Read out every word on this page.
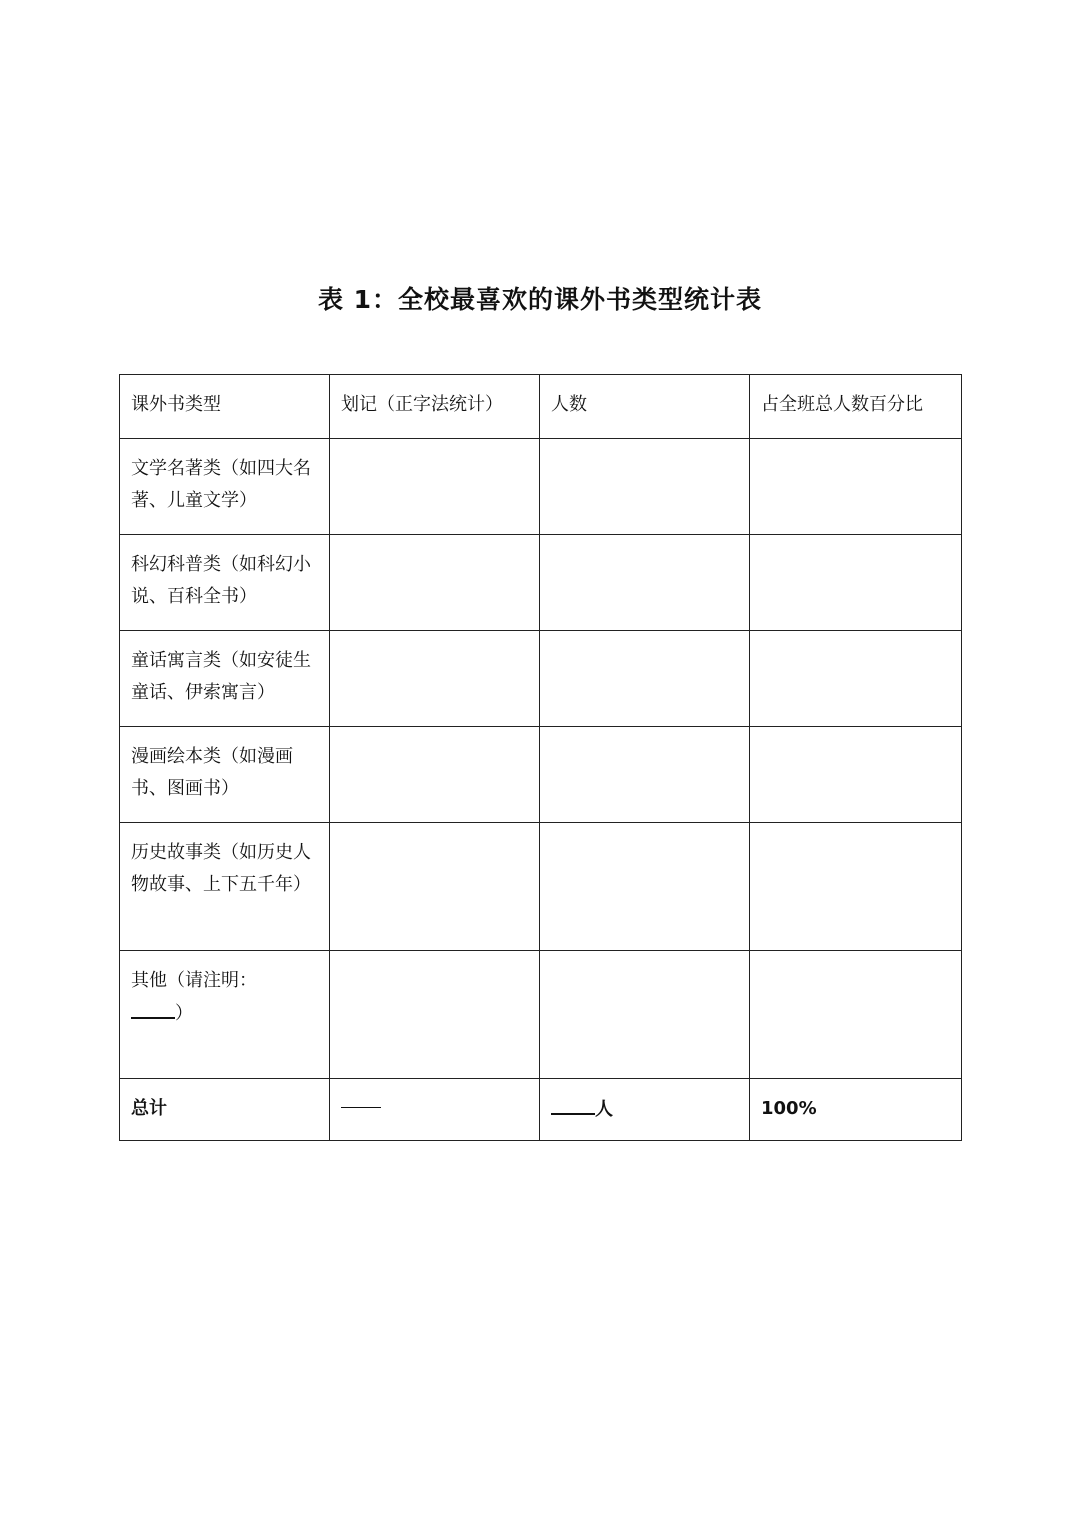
表 1：全校最喜欢的课外书类型统计表
课外书类型	划记（正字法统计）	人数	占全班总人数百分比
文学名著类（如四大名著、儿童文学）			
科幻科普类（如科幻小说、百科全书）			
童话寓言类（如安徒生童话、伊索寓言）			
漫画绘本类（如漫画书、图画书）			
历史故事类（如历史人物故事、上下五千年）			
其他（请注明：
）			
总计		人	100%
